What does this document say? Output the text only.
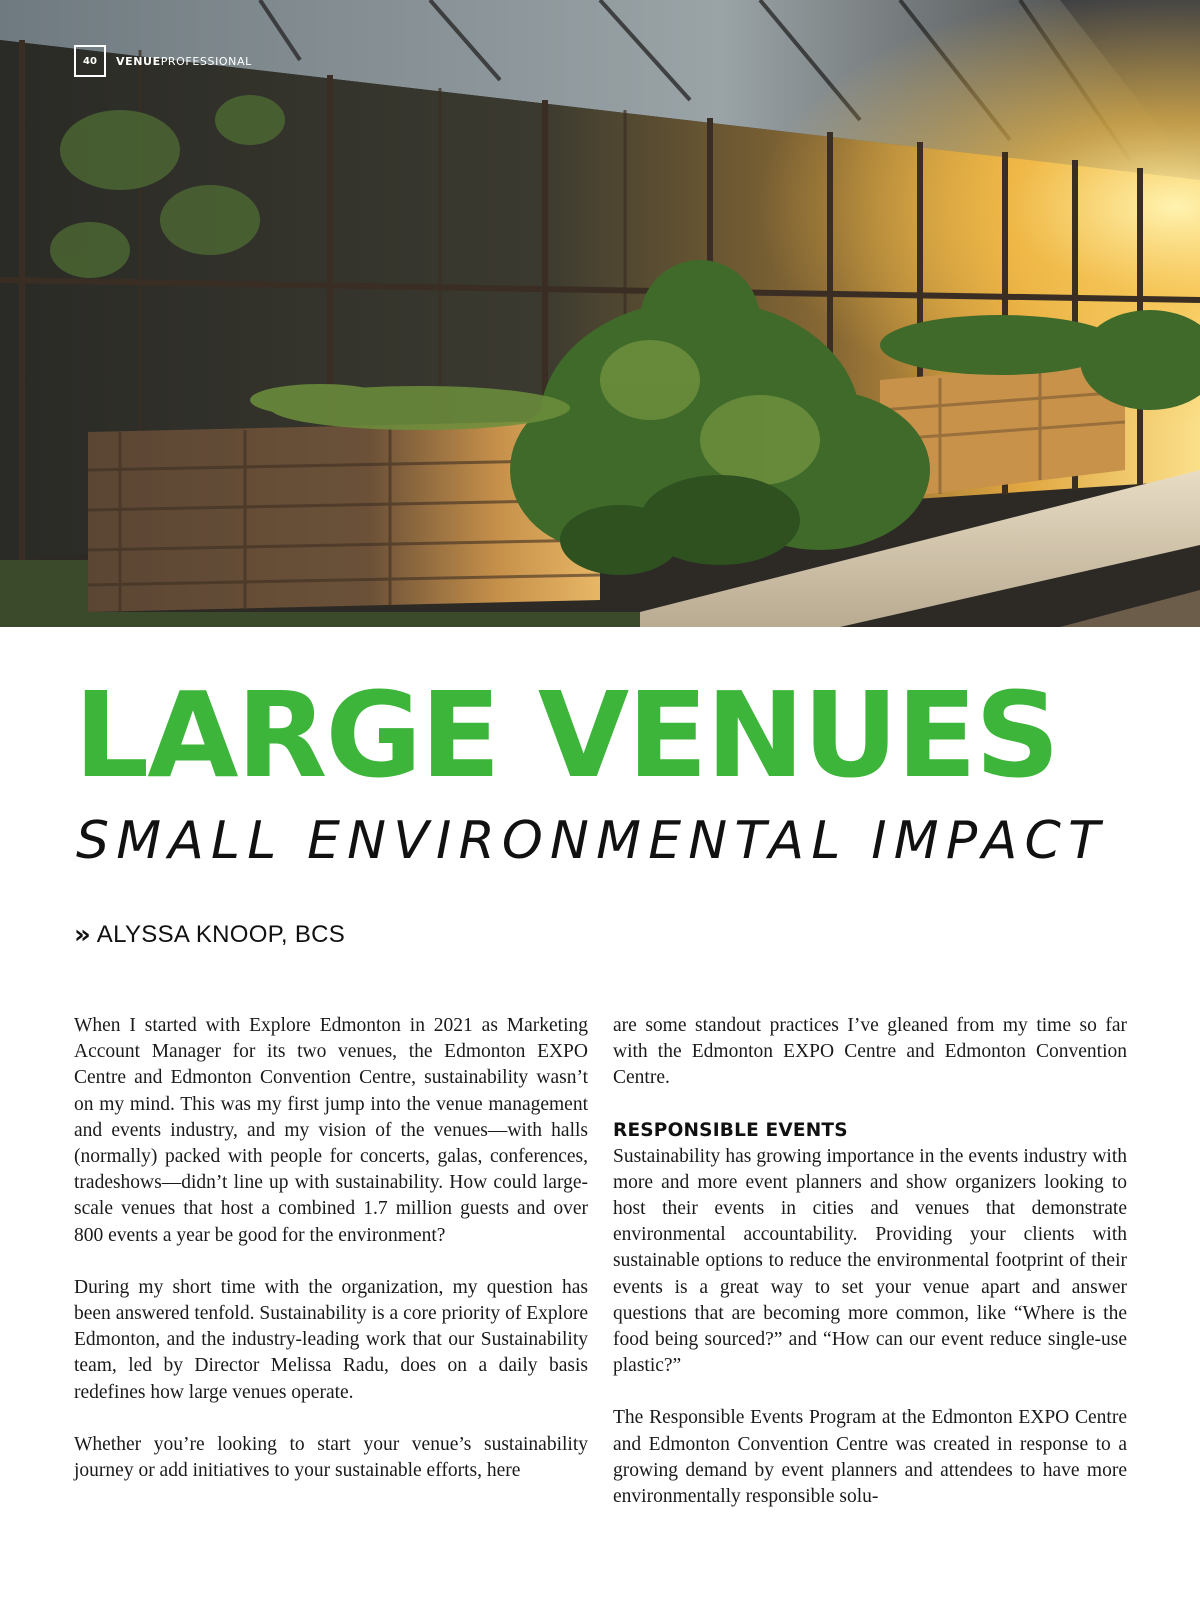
40	VENUEPROFESSIONAL
LARGE VENUES
SMALL ENVIRONMENTAL IMPACT
» ALYSSA KNOOP, BCS

When I started with Explore Edmonton in 2021 as Marketing Account Manager for its two venues, the Edmonton EXPO Centre and Edmonton Convention Centre, sustainability wasn’t on my mind. This was my first jump into the venue management and events industry, and my vision of the venues—with halls (normally) packed with people for concerts, galas, conferences, tradeshows—didn’t line up with sustainability. How could large-scale venues that host a combined 1.7 million guests and over 800 events a year be good for the environment?

During my short time with the organization, my question has been answered tenfold. Sustainability is a core priority of Explore Edmonton, and the industry-leading work that our Sustainability team, led by Director Melissa Radu, does on a daily basis redefines how large venues operate.

Whether you’re looking to start your venue’s sustainability journey or add initiatives to your sustainable efforts, here

are some standout practices I’ve gleaned from my time so far with the Edmonton EXPO Centre and Edmonton Convention Centre.

RESPONSIBLE EVENTS

Sustainability has growing importance in the events industry with more and more event planners and show organizers looking to host their events in cities and venues that demonstrate environmental accountability. Providing your clients with sustainable options to reduce the environmental footprint of their events is a great way to set your venue apart and answer questions that are becoming more common, like “Where is the food being sourced?” and “How can our event reduce single-use plastic?”

The Responsible Events Program at the Edmonton EXPO Centre and Edmonton Convention Centre was created in response to a growing demand by event planners and attendees to have more environmentally responsible solu-
